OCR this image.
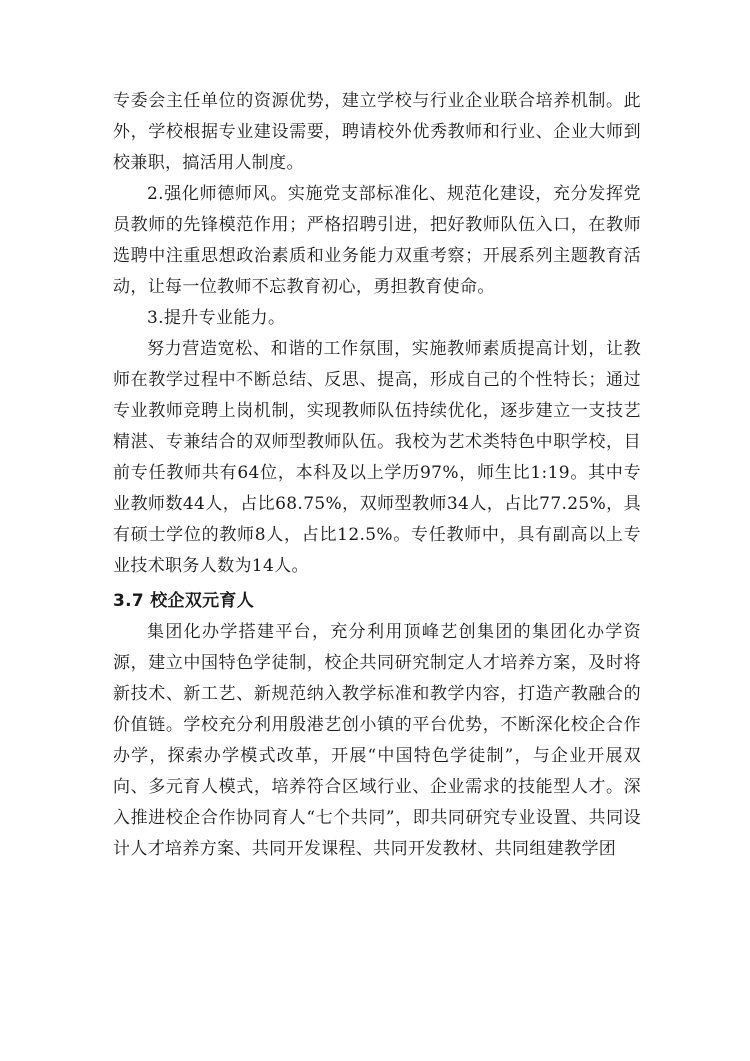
专委会主任单位的资源优势，建立学校与行业企业联合培养机制。此外，学校根据专业建设需要，聘请校外优秀教师和行业、企业大师到校兼职，搞活用人制度。

2.强化师德师风。实施党支部标准化、规范化建设，充分发挥党员教师的先锋模范作用；严格招聘引进，把好教师队伍入口，在教师选聘中注重思想政治素质和业务能力双重考察；开展系列主题教育活动，让每一位教师不忘教育初心，勇担教育使命。

3.提升专业能力。

努力营造宽松、和谐的工作氛围，实施教师素质提高计划，让教师在教学过程中不断总结、反思、提高，形成自己的个性特长；通过专业教师竞聘上岗机制，实现教师队伍持续优化，逐步建立一支技艺精湛、专兼结合的双师型教师队伍。我校为艺术类特色中职学校，目前专任教师共有64位，本科及以上学历97%，师生比1:19。其中专业教师数44人，占比68.75%，双师型教师34人，占比77.25%，具有硕士学位的教师8人，占比12.5%。专任教师中，具有副高以上专业技术职务人数为14人。

3.7 校企双元育人

集团化办学搭建平台，充分利用顶峰艺创集团的集团化办学资源，建立中国特色学徒制，校企共同研究制定人才培养方案，及时将新技术、新工艺、新规范纳入教学标准和教学内容，打造产教融合的价值链。学校充分利用殷港艺创小镇的平台优势，不断深化校企合作办学，探索办学模式改革，开展“中国特色学徒制”，与企业开展双向、多元育人模式，培养符合区域行业、企业需求的技能型人才。深入推进校企合作协同育人“七个共同”，即共同研究专业设置、共同设计人才培养方案、共同开发课程、共同开发教材、共同组建教学团
